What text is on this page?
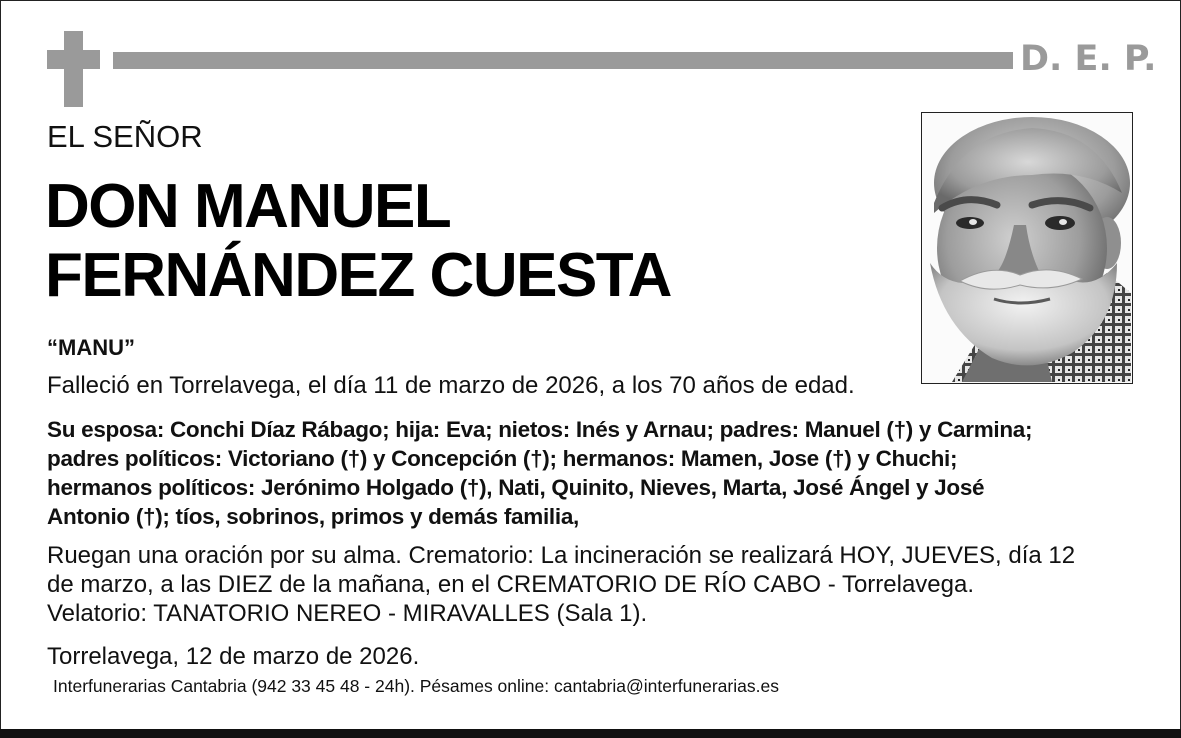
D. E. P.
EL SEÑOR
DON MANUEL
FERNÁNDEZ CUESTA
“MANU”
Falleció en Torrelavega, el día 11 de marzo de 2026, a los 70 años de edad.
Su esposa: Conchi Díaz Rábago; hija: Eva; nietos: Inés y Arnau; padres: Manuel (†) y Carmina;
padres políticos: Victoriano (†) y Concepción (†); hermanos: Mamen, Jose (†) y Chuchi;
hermanos políticos: Jerónimo Holgado (†), Nati, Quinito, Nieves, Marta, José Ángel y José
Antonio (†); tíos, sobrinos, primos y demás familia,
Ruegan una oración por su alma. Crematorio: La incineración se realizará HOY, JUEVES, día 12
de marzo, a las DIEZ de la mañana, en el CREMATORIO DE RÍO CABO - Torrelavega.
Velatorio: TANATORIO NEREO - MIRAVALLES (Sala 1).
Torrelavega, 12 de marzo de 2026.
Interfunerarias Cantabria (942 33 45 48 - 24h). Pésames online: cantabria@interfunerarias.es
